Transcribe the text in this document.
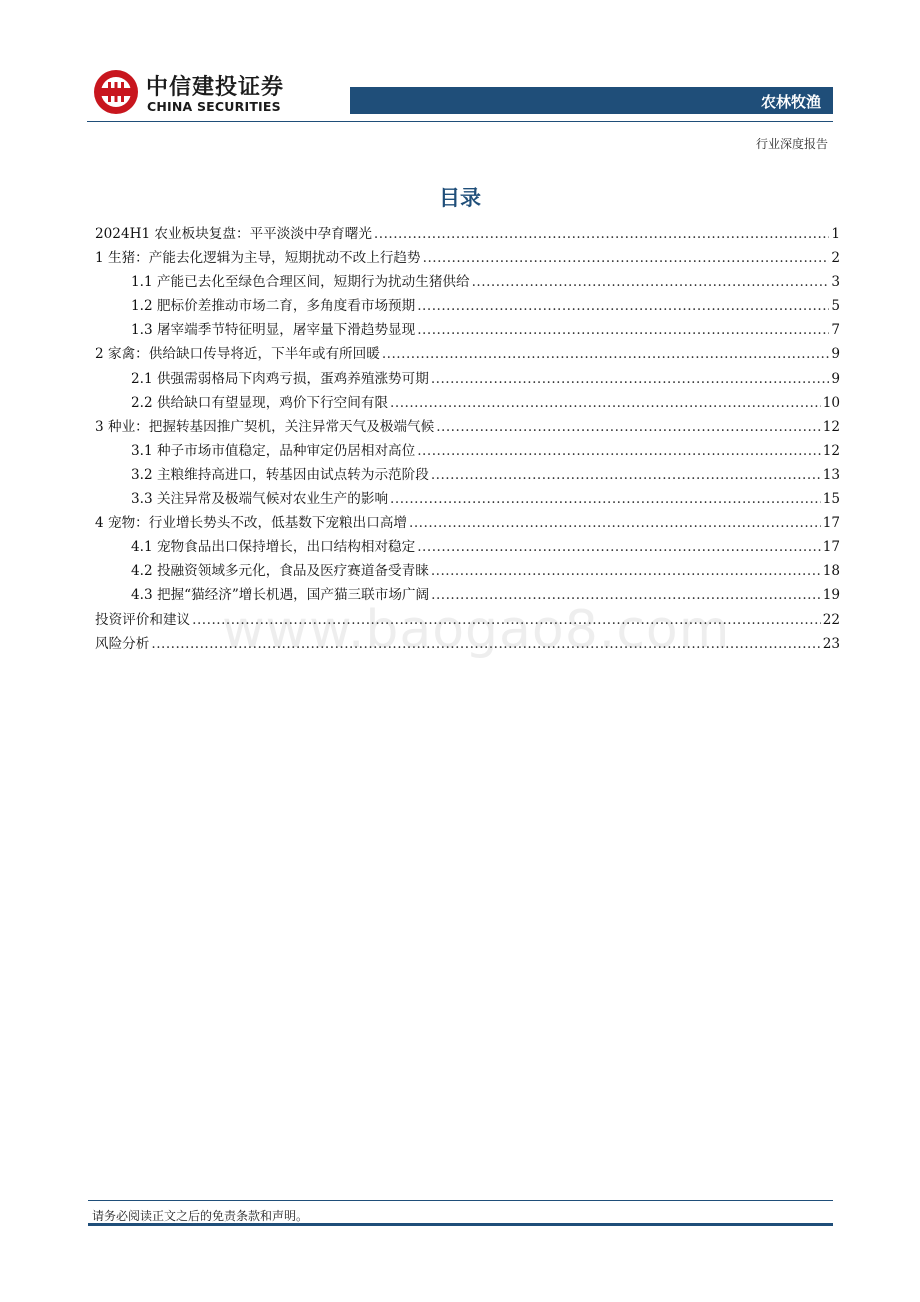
中信建投证券
CHINA SECURITIES	农林牧渔
行业深度报告
目录
2024H1 农业板块复盘：平平淡淡中孕育曙光 .....	1
1 生猪：产能去化逻辑为主导，短期扰动不改上行趋势 .....	2
1.1 产能已去化至绿色合理区间，短期行为扰动生猪供给 .....	3
1.2 肥标价差推动市场二育，多角度看市场预期 .....	5
1.3 屠宰端季节特征明显，屠宰量下滑趋势显现 .....	7
2 家禽：供给缺口传导将近，下半年或有所回暖 .....	9
2.1 供强需弱格局下肉鸡亏损，蛋鸡养殖涨势可期 .....	9
2.2 供给缺口有望显现，鸡价下行空间有限 .....	10
3 种业：把握转基因推广契机，关注异常天气及极端气候 .....	12
3.1 种子市场市值稳定，品种审定仍居相对高位 .....	12
3.2 主粮维持高进口，转基因由试点转为示范阶段 .....	13
3.3 关注异常及极端气候对农业生产的影响 .....	15
4 宠物：行业增长势头不改，低基数下宠粮出口高增 .....	17
4.1 宠物食品出口保持增长，出口结构相对稳定 .....	17
4.2 投融资领域多元化，食品及医疗赛道备受青睐 .....	18
4.3 把握“猫经济”增长机遇，国产猫三联市场广阔 .....	19
投资评价和建议 .....	22
风险分析 .....	23
www.baogao8.com
请务必阅读正文之后的免责条款和声明。
